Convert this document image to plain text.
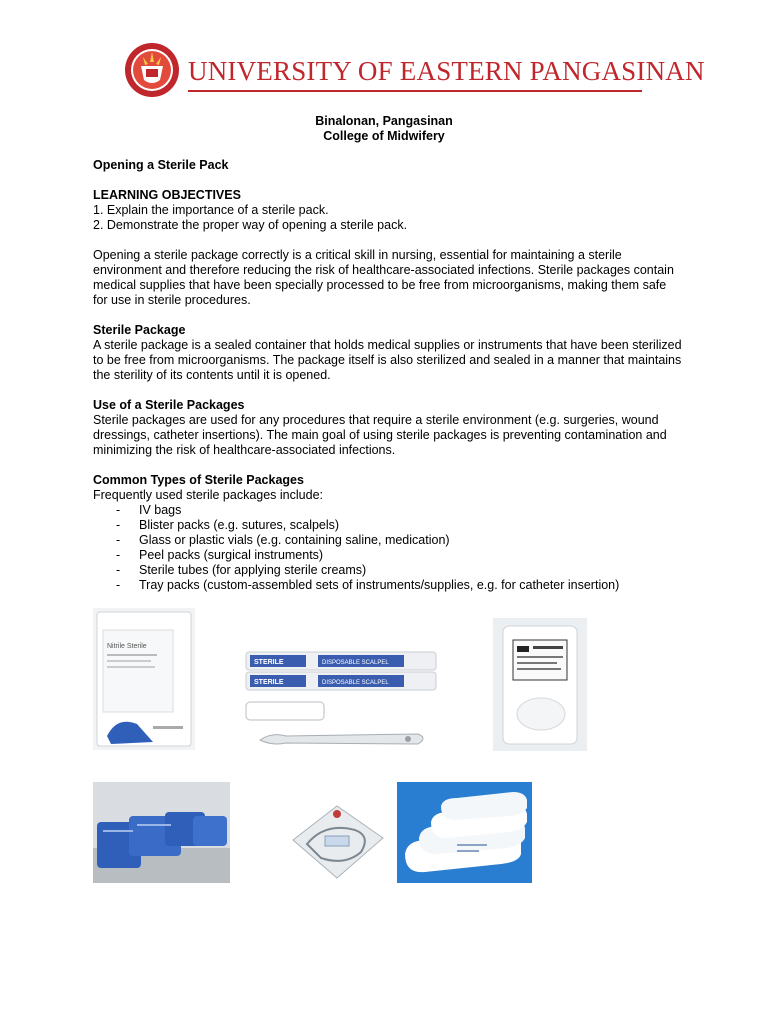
UNIVERSITY OF EASTERN PANGASINAN
Binalonan, Pangasinan
College of Midwifery
Opening a Sterile Pack
LEARNING OBJECTIVES
1. Explain the importance of a sterile pack.
2. Demonstrate the proper way of opening a sterile pack.
Opening a sterile package correctly is a critical skill in nursing, essential for maintaining a sterile environment and therefore reducing the risk of healthcare-associated infections. Sterile packages contain medical supplies that have been specially processed to be free from microorganisms, making them safe for use in sterile procedures.
Sterile Package
A sterile package is a sealed container that holds medical supplies or instruments that have been sterilized to be free from microorganisms. The package itself is also sterilized and sealed in a manner that maintains the sterility of its contents until it is opened.
Use of a Sterile Packages
Sterile packages are used for any procedures that require a sterile environment (e.g. surgeries, wound dressings, catheter insertions). The main goal of using sterile packages is preventing contamination and minimizing the risk of healthcare-associated infections.
Common Types of Sterile Packages
Frequently used sterile packages include:
- IV bags
- Blister packs (e.g. sutures, scalpels)
- Glass or plastic vials (e.g. containing saline, medication)
- Peel packs (surgical instruments)
- Sterile tubes (for applying sterile creams)
- Tray packs (custom-assembled sets of instruments/supplies, e.g. for catheter insertion)
Nitrile Sterile
STERILE	DISPOSABLE SCALPEL
STERILE	DISPOSABLE SCALPEL
